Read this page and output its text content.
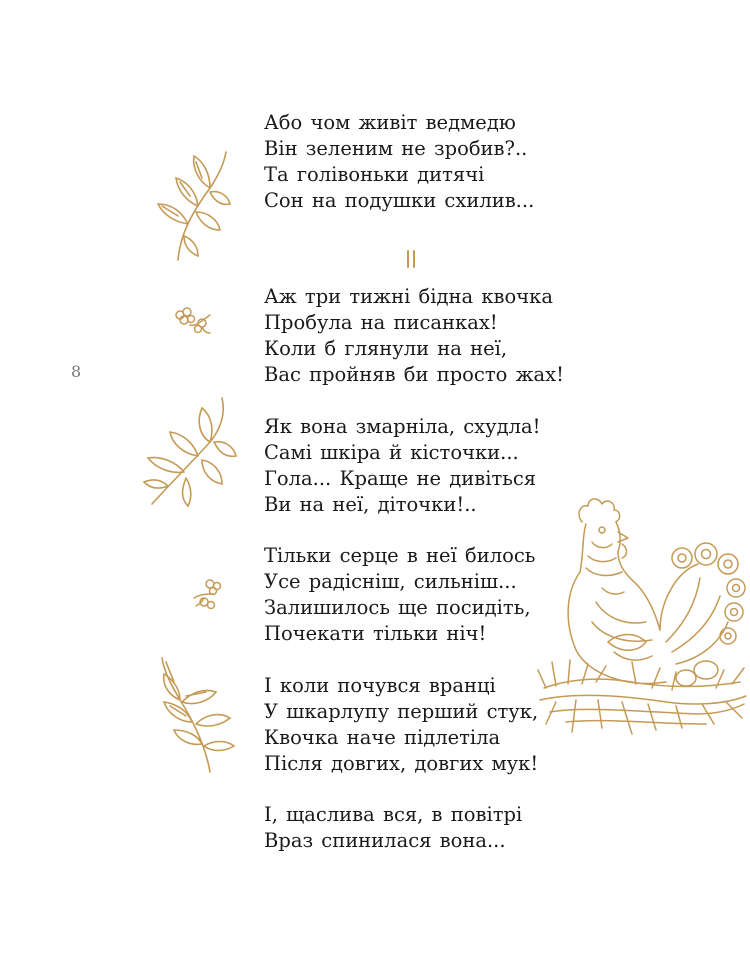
8
Або чом живіт ведмедю
Він зеленим не зробив?..
Та голівоньки дитячі
Сон на подушки схилив...
Аж три тижні бідна квочка
Пробула на писанках!
Коли б глянули на неї,
Вас пройняв би просто жах!
Як вона змарніла, схудла!
Самі шкіра й кісточки...
Гола... Краще не дивіться
Ви на неї, діточки!..
Тільки серце в неї билось
Усе радісніш, сильніш...
Залишилось ще посидіть,
Почекати тільки ніч!
І коли почувся вранці
У шкарлупу перший стук,
Квочка наче підлетіла
Після довгих, довгих мук!
І, щаслива вся, в повітрі
Враз спинилася вона...
